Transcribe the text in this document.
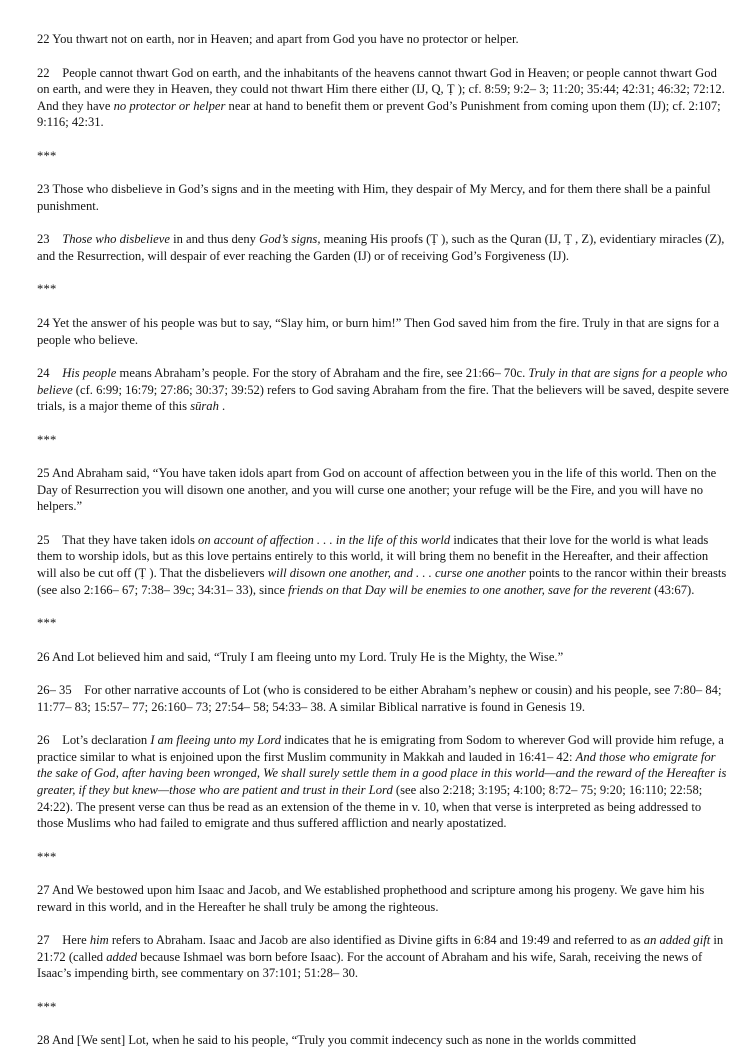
22 You thwart not on earth, nor in Heaven; and apart from God you have no protector or helper.

22 People cannot thwart God on earth, and the inhabitants of the heavens cannot thwart God in Heaven; or people cannot thwart God on earth, and were they in Heaven, they could not thwart Him there either (IJ, Q, Ṭ ); cf. 8:59; 9:2– 3; 11:20; 35:44; 42:31; 46:32; 72:12. And they have no protector or helper near at hand to benefit them or prevent God’s Punishment from coming upon them (IJ); cf. 2:107; 9:116; 42:31.

***

23 Those who disbelieve in God’s signs and in the meeting with Him, they despair of My Mercy, and for them there shall be a painful punishment.

23 Those who disbelieve in and thus deny God’s signs, meaning His proofs (Ṭ ), such as the Quran (IJ, Ṭ , Z), evidentiary miracles (Z), and the Resurrection, will despair of ever reaching the Garden (IJ) or of receiving God’s Forgiveness (IJ).

***

24 Yet the answer of his people was but to say, “Slay him, or burn him!” Then God saved him from the fire. Truly in that are signs for a people who believe.

24 His people means Abraham’s people. For the story of Abraham and the fire, see 21:66– 70c. Truly in that are signs for a people who believe (cf. 6:99; 16:79; 27:86; 30:37; 39:52) refers to God saving Abraham from the fire. That the believers will be saved, despite severe trials, is a major theme of this sūrah .

***

25 And Abraham said, “You have taken idols apart from God on account of affection between you in the life of this world. Then on the Day of Resurrection you will disown one another, and you will curse one another; your refuge will be the Fire, and you will have no helpers.”

25 That they have taken idols on account of affection . . . in the life of this world indicates that their love for the world is what leads them to worship idols, but as this love pertains entirely to this world, it will bring them no benefit in the Hereafter, and their affection will also be cut off (Ṭ ). That the disbelievers will disown one another, and . . . curse one another points to the rancor within their breasts (see also 2:166– 67; 7:38– 39c; 34:31– 33), since friends on that Day will be enemies to one another, save for the reverent (43:67).

***

26 And Lot believed him and said, “Truly I am fleeing unto my Lord. Truly He is the Mighty, the Wise.”

26– 35 For other narrative accounts of Lot (who is considered to be either Abraham’s nephew or cousin) and his people, see 7:80– 84; 11:77– 83; 15:57– 77; 26:160– 73; 27:54– 58; 54:33– 38. A similar Biblical narrative is found in Genesis 19.

26 Lot’s declaration I am fleeing unto my Lord indicates that he is emigrating from Sodom to wherever God will provide him refuge, a practice similar to what is enjoined upon the first Muslim community in Makkah and lauded in 16:41– 42: And those who emigrate for the sake of God, after having been wronged, We shall surely settle them in a good place in this world—and the reward of the Hereafter is greater, if they but knew—those who are patient and trust in their Lord (see also 2:218; 3:195; 4:100; 8:72– 75; 9:20; 16:110; 22:58; 24:22). The present verse can thus be read as an extension of the theme in v. 10, when that verse is interpreted as being addressed to those Muslims who had failed to emigrate and thus suffered affliction and nearly apostatized.

***

27 And We bestowed upon him Isaac and Jacob, and We established prophethood and scripture among his progeny. We gave him his reward in this world, and in the Hereafter he shall truly be among the righteous.

27 Here him refers to Abraham. Isaac and Jacob are also identified as Divine gifts in 6:84 and 19:49 and referred to as an added gift in 21:72 (called added because Ishmael was born before Isaac). For the account of Abraham and his wife, Sarah, receiving the news of Isaac’s impending birth, see commentary on 37:101; 51:28– 30.

***

28 And [We sent] Lot, when he said to his people, “Truly you commit indecency such as none in the worlds committed
